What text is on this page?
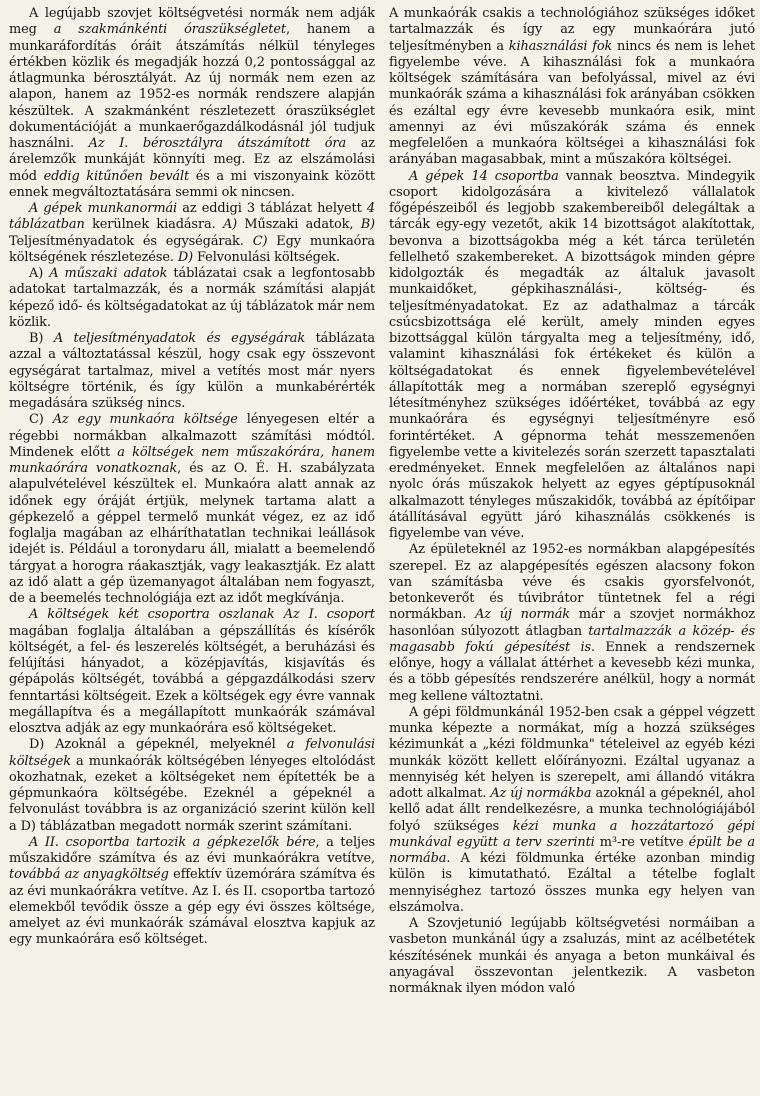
A legújabb szovjet költségvetési normák nem adják meg a szakmánkénti óraszükségletet, hanem a munkaráfordítás óráit átszámítás nélkül tényleges értékben közlik és megadják hozzá 0,2 pontossággal az átlagmunka bérosztályát. Az új normák nem ezen az alapon, hanem az 1952-es normák rendszere alapján készültek. A szakmánként részletezett óraszükséglet dokumentációját a munkaerőgazdálkodásnál jól tudjuk használni. Az I. bérosztályra átszámított óra az árelemzők munkáját könnyíti meg. Ez az elszámolási mód eddig kitűnően bevált és a mi viszonyaink között ennek megváltoztatására semmi ok nincsen.

A gépek munkanormái az eddigi 3 táblázat helyett 4 táblázatban kerülnek kiadásra. A) Műszaki adatok, B) Teljesítményadatok és egységárak. C) Egy munkaóra költségének részletezése. D) Felvonulási költségek.

A) A műszaki adatok táblázatai csak a legfontosabb adatokat tartalmazzák, és a normák számítási alapját képező idő- és költségadatokat az új táblázatok már nem közlik.

B) A teljesítményadatok és egységárak táblázata azzal a változtatással készül, hogy csak egy összevont egységárat tartalmaz, mivel a vetítés most már nyers költségre történik, és így külön a munkabérérték megadására szükség nincs.

C) Az egy munkaóra költsége lényegesen eltér a régebbi normákban alkalmazott számítási módtól. Mindenek előtt a költségek nem műszakórára, hanem munkaórára vonatkoznak, és az O. É. H. szabályzata alapulvételével készültek el. Munkaóra alatt annak az időnek egy óráját értjük, melynek tartama alatt a gépkezelő a géppel termelő munkát végez, ez az idő foglalja magában az elháríthatatlan technikai leállások idejét is. Például a toronydaru áll, mialatt a beemelendő tárgyat a horogra ráakasztják, vagy leakasztják. Ez alatt az idő alatt a gép üzemanyagot általában nem fogyaszt, de a beemelés technológiája ezt az időt megkívánja.

A költségek két csoportra oszlanak Az I. csoport magában foglalja általában a gépszállítás és kísérők költségét, a fel- és leszerelés költségét, a beruházási és felújítási hányadot, a középjavítás, kisjavítás és gépápolás költségét, továbbá a gépgazdálkodási szerv fenntartási költségeit. Ezek a költségek egy évre vannak megállapítva és a megállapított munkaórák számával elosztva adják az egy munkaórára eső költségeket.

D) Azoknál a gépeknél, melyeknél a felvonulási költségek a munkaórák költségében lényeges eltolódást okozhatnak, ezeket a költségeket nem építették be a gépmunkaóra költségébe. Ezeknél a gépeknél a felvonulást továbbra is az organizáció szerint külön kell a D) táblázatban megadott normák szerint számítani.

A II. csoportba tartozik a gépkezelők bére, a teljes műszakidőre számítva és az évi munkaórákra vetítve, továbbá az anyagköltség effektív üzemórára számítva és az évi munkaórákra vetítve. Az I. és II. csoportba tartozó elemekből tevődik össze a gép egy évi összes költsége, amelyet az évi munkaórák számával elosztva kapjuk az egy munkaórára eső költséget.

A munkaórák csakis a technológiához szükséges időket tartalmazzák és így az egy munkaórára jutó teljesítményben a kihasználási fok nincs és nem is lehet figyelembe véve. A kihasználási fok a munkaóra költségek számítására van befolyással, mivel az évi munkaórák száma a kihasználási fok arányában csökken és ezáltal egy évre kevesebb munkaóra esik, mint amennyi az évi műszakórák száma és ennek megfelelően a munkaóra költségei a kihasználási fok arányában magasabbak, mint a műszakóra költségei.

A gépek 14 csoportba vannak beosztva. Mindegyik csoport kidolgozására a kivitelező vállalatok főgépészeiből és legjobb szakembereiből delegáltak a tárcák egy-egy vezetőt, akik 14 bizottságot alakítottak, bevonva a bizottságokba még a két tárca területén fellelhető szakembereket. A bizottságok minden gépre kidolgozták és megadták az általuk javasolt munkaidőket, gépkihasználási-, költség- és teljesítményadatokat. Ez az adathalmaz a tárcák csúcsbizottsága elé került, amely minden egyes bizottsággal külön tárgyalta meg a teljesítmény, idő, valamint kihasználási fok értékeket és külön a költségadatokat és ennek figyelembevételével állapították meg a normában szereplő egységnyi létesítményhez szükséges időértéket, továbbá az egy munkaórára és egységnyi teljesítményre eső forintértéket. A gépnorma tehát messzemenően figyelembe vette a kivitelezés során szerzett tapasztalati eredményeket. Ennek megfelelően az általános napi nyolc órás műszakok helyett az egyes géptípusoknál alkalmazott tényleges műszakidők, továbbá az építőipar átállításával együtt járó kihasználás csökkenés is figyelembe van véve.

Az épületeknél az 1952-es normákban alapgépesítés szerepel. Ez az alapgépesítés egészen alacsony fokon van számításba véve és csakis gyorsfelvonót, betonkeverőt és túvibrátor tüntetnek fel a régi normákban. Az új normák már a szovjet normákhoz hasonlóan súlyozott átlagban tartalmazzák a közép- és magasabb fokú gépesítést is. Ennek a rendszernek előnye, hogy a vállalat áttérhet a kevesebb kézi munka, és a több gépesítés rendszerére anélkül, hogy a normát meg kellene változtatni.

A gépi földmunkánál 1952-ben csak a géppel végzett munka képezte a normákat, míg a hozzá szükséges kézimunkát a „kézi földmunka" tételeivel az egyéb kézi munkák között kellett előírányozni. Ezáltal ugyanaz a mennyiség két helyen is szerepelt, ami állandó vitákra adott alkalmat. Az új normákba azoknál a gépeknél, ahol kellő adat állt rendelkezésre, a munka technológiájából folyó szükséges kézi munka a hozzátartozó gépi munkával együtt a terv szerinti m³-re vetítve épült be a normába. A kézi földmunka értéke azonban mindig külön is kimutatható. Ezáltal a tételbe foglalt mennyiséghez tartozó összes munka egy helyen van elszámolva.

A Szovjetunió legújabb költségvetési normáiban a vasbeton munkánál úgy a zsaluzás, mint az acélbetétek készítésének munkái és anyaga a beton munkáival és anyagával összevontan jelentkezik. A vasbeton normáknak ilyen módon való
